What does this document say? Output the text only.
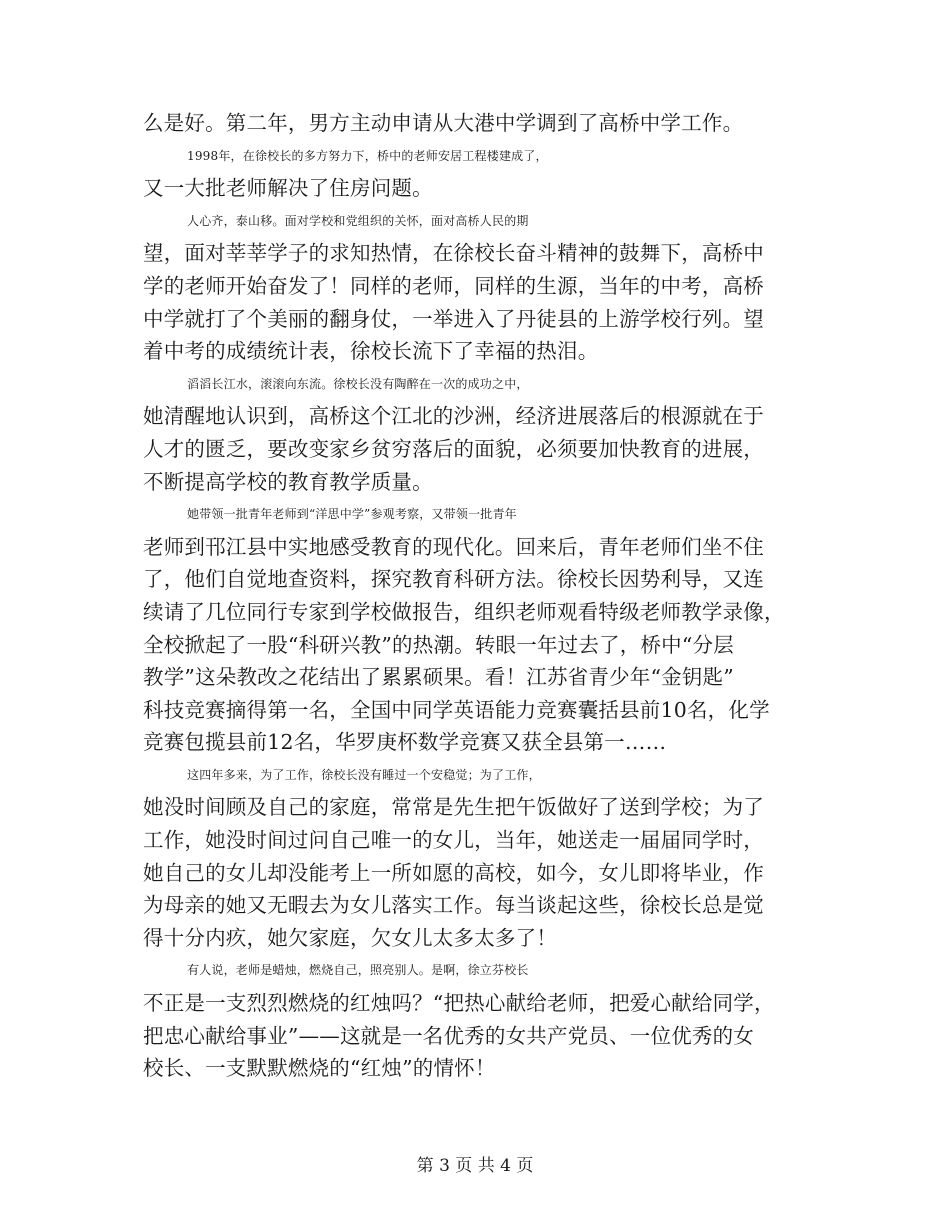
么是好。第二年，男方主动申请从大港中学调到了高桥中学工作。
1998年，在徐校长的多方努力下，桥中的老师安居工程楼建成了，
又一大批老师解决了住房问题。
人心齐，泰山移。面对学校和党组织的关怀，面对高桥人民的期
望，面对莘莘学子的求知热情，在徐校长奋斗精神的鼓舞下，高桥中
学的老师开始奋发了！同样的老师，同样的生源，当年的中考，高桥
中学就打了个美丽的翻身仗，一举进入了丹徒县的上游学校行列。望
着中考的成绩统计表，徐校长流下了幸福的热泪。
滔滔长江水，滚滚向东流。徐校长没有陶醉在一次的成功之中，
她清醒地认识到，高桥这个江北的沙洲，经济进展落后的根源就在于
人才的匮乏，要改变家乡贫穷落后的面貌，必须要加快教育的进展，
不断提高学校的教育教学质量。
她带领一批青年老师到“洋思中学”参观考察，又带领一批青年
老师到邗江县中实地感受教育的现代化。回来后，青年老师们坐不住
了，他们自觉地查资料，探究教育科研方法。徐校长因势利导，又连
续请了几位同行专家到学校做报告，组织老师观看特级老师教学录像，
全校掀起了一股“科研兴教”的热潮。转眼一年过去了，桥中“分层
教学”这朵教改之花结出了累累硕果。看！江苏省青少年“金钥匙”
科技竞赛摘得第一名，全国中同学英语能力竞赛囊括县前10名，化学
竞赛包揽县前12名，华罗庚杯数学竞赛又获全县第一……
这四年多来，为了工作，徐校长没有睡过一个安稳觉；为了工作，
她没时间顾及自己的家庭，常常是先生把午饭做好了送到学校；为了
工作，她没时间过问自己唯一的女儿，当年，她送走一届届同学时，
她自己的女儿却没能考上一所如愿的高校，如今，女儿即将毕业，作
为母亲的她又无暇去为女儿落实工作。每当谈起这些，徐校长总是觉
得十分内疚，她欠家庭，欠女儿太多太多了！
有人说，老师是蜡烛，燃烧自己，照亮别人。是啊，徐立芬校长
不正是一支烈烈燃烧的红烛吗？“把热心献给老师，把爱心献给同学，
把忠心献给事业”——这就是一名优秀的女共产党员、一位优秀的女
校长、一支默默燃烧的“红烛”的情怀！
第 3 页 共 4 页
